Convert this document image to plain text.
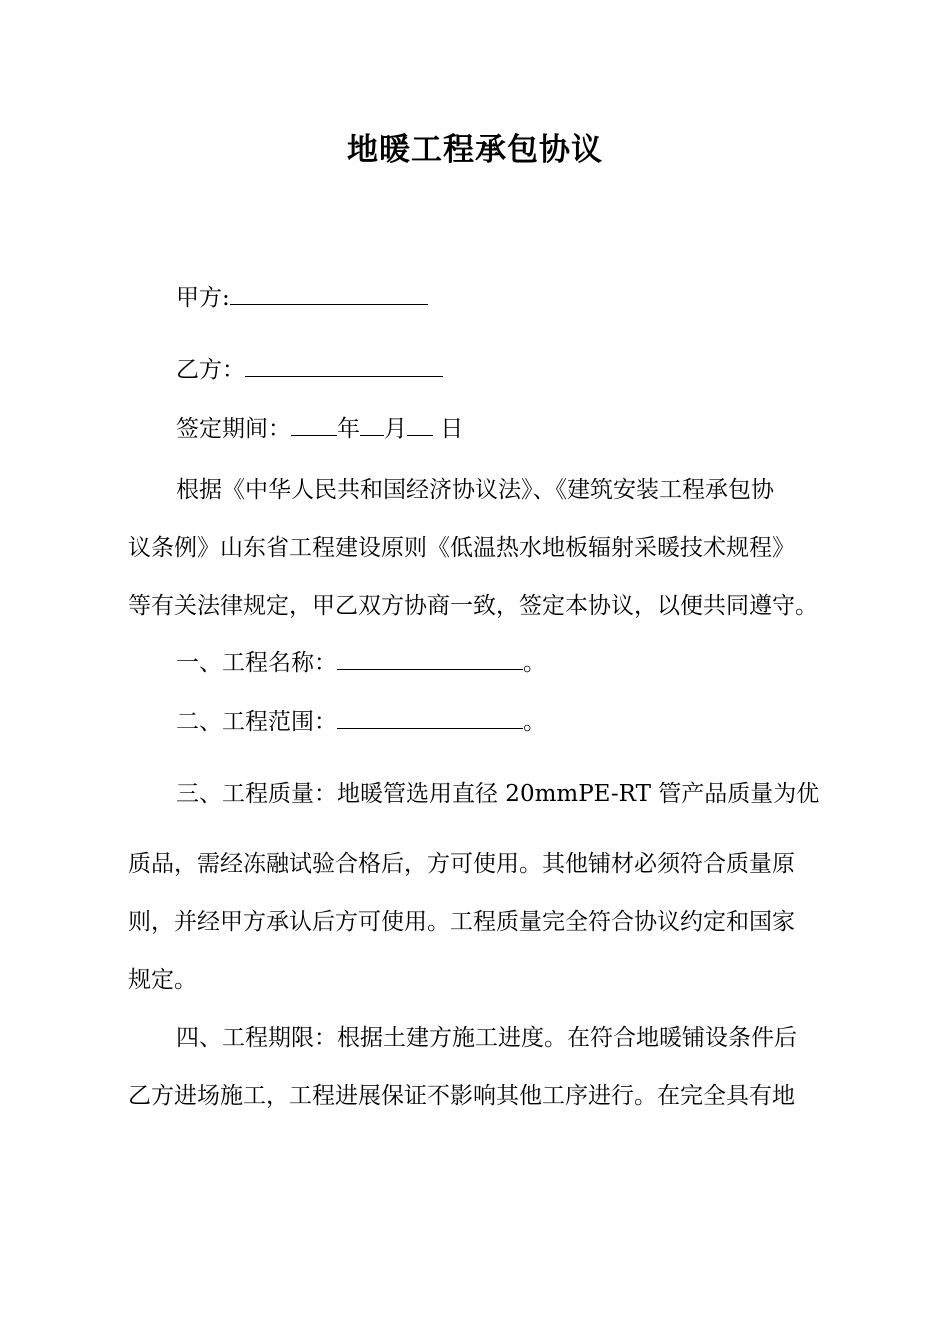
地暖工程承包协议
甲方:
乙方：
签定期间： 年 月 日
根据《中华人民共和国经济协议法》、《建筑安装工程承包协
议条例》山东省工程建设原则《低温热水地板辐射采暖技术规程》
等有关法律规定，甲乙双方协商一致，签定本协议，以便共同遵守。
一、工程名称：	。
二、工程范围：	。
三、工程质量：地暖管选用直径 20mmPE-RT 管产品质量为优
质品，需经冻融试验合格后，方可使用。其他铺材必须符合质量原
则，并经甲方承认后方可使用。工程质量完全符合协议约定和国家
规定。
四、工程期限：根据土建方施工进度。在符合地暖铺设条件后
乙方进场施工，工程进展保证不影响其他工序进行。在完全具有地
